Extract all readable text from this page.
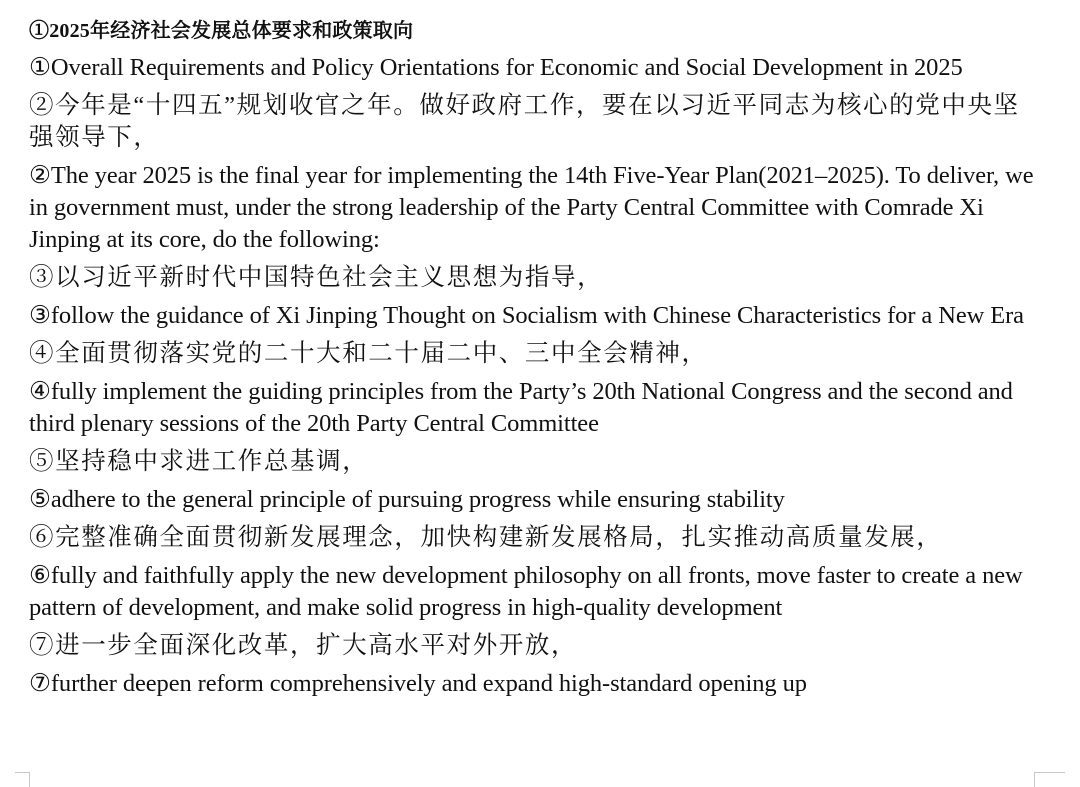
①2025年经济社会发展总体要求和政策取向

①Overall Requirements and Policy Orientations for Economic and Social Development in 2025

②今年是“十四五”规划收官之年。做好政府工作，要在以习近平同志为核心的党中央坚强领导下，

②The year 2025 is the final year for implementing the 14th Five-Year Plan(2021–2025). To deliver, we in government must, under the strong leadership of the Party Central Committee with Comrade Xi Jinping at its core, do the following:

③以习近平新时代中国特色社会主义思想为指导，

③follow the guidance of Xi Jinping Thought on Socialism with Chinese Characteristics for a New Era

④全面贯彻落实党的二十大和二十届二中、三中全会精神，

④fully implement the guiding principles from the Party’s 20th National Congress and the second and third plenary sessions of the 20th Party Central Committee

⑤坚持稳中求进工作总基调，

⑤adhere to the general principle of pursuing progress while ensuring stability

⑥完整准确全面贯彻新发展理念，加快构建新发展格局，扎实推动高质量发展，

⑥fully and faithfully apply the new development philosophy on all fronts, move faster to create a new pattern of development, and make solid progress in high-quality development

⑦进一步全面深化改革，扩大高水平对外开放，

⑦further deepen reform comprehensively and expand high-standard opening up
